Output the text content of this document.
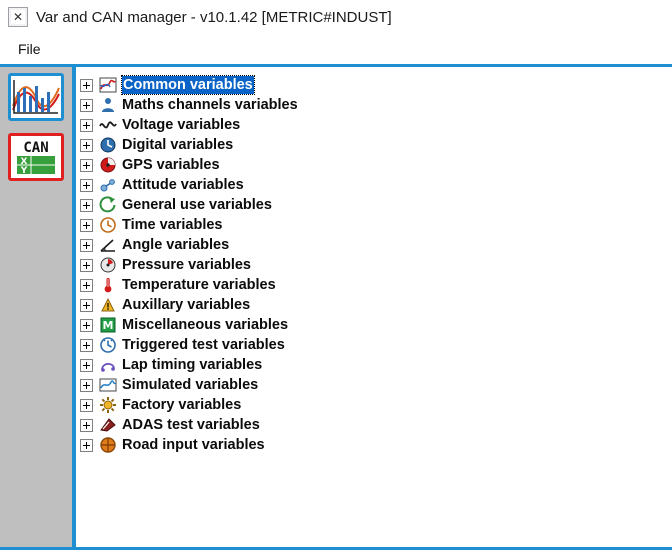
✕ Var and CAN manager - v10.1.42 [METRIC#INDUST]
File
CAN
X
Y
Common variables
Maths channels variables
Voltage variables
Digital variables
GPS variables
Attitude variables
General use variables
Time variables
Angle variables
Pressure variables
Temperature variables
Auxillary variables
M Miscellaneous variables
Triggered test variables
Lap timing variables
Simulated variables
Factory variables
ADAS test variables
Road input variables
